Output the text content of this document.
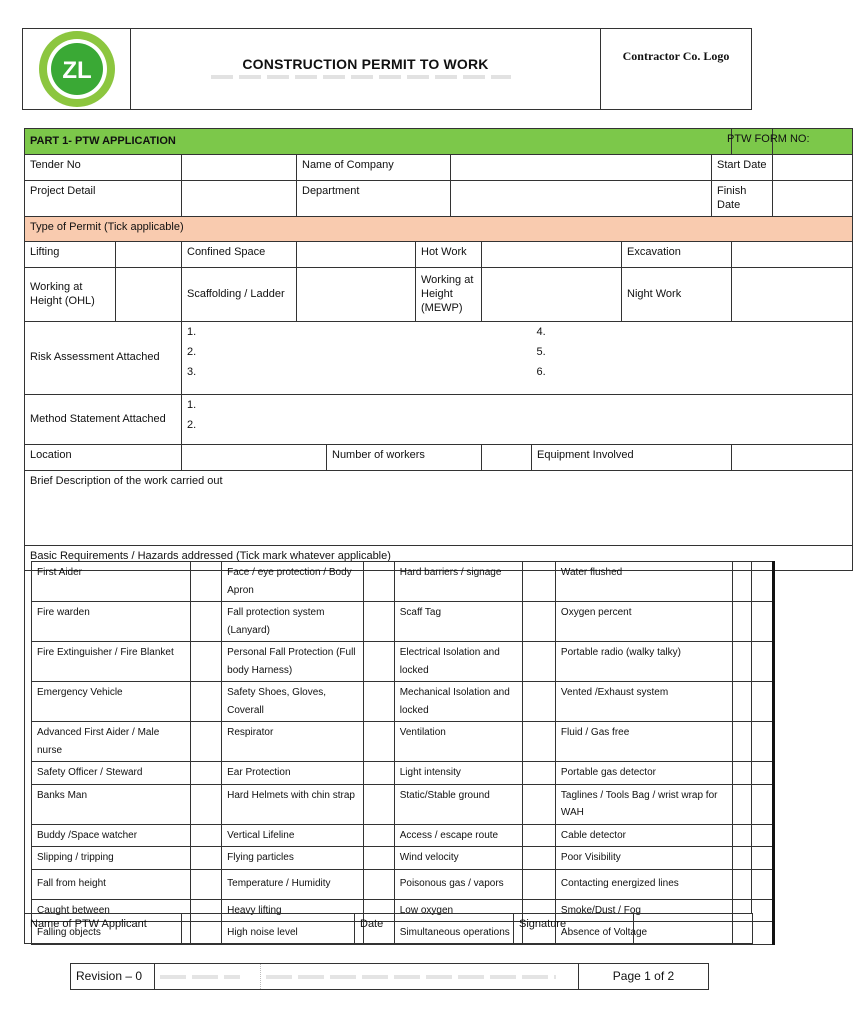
ZL	CONSTRUCTION PERMIT TO WORK	Contractor Co. Logo
PART 1- PTW APPLICATION											PTW FORM NO:	
Tender No			Name of Company							Start Date		
Project Detail			Department							Finish Date		
Type of Permit (Tick applicable)												
Lifting		Confined Space			Hot Work				Excavation			
Working at Height (OHL)		Scaffolding / Ladder			Working at Height (MEWP)				Night Work			
Risk Assessment Attached		1.
2.
3.						4.
5.
6.				

Method Statement Attached		1.
2.										

Location				Number of workers				Equipment Involved				
Brief Description of the work carried out												
Basic Requirements / Hazards addressed (Tick mark whatever applicable)												
First Aider		Face / eye protection / Body Apron		Hard barriers / signage		Water flushed	
Fire warden		Fall protection system (Lanyard)		Scaff Tag		Oxygen percent	
Fire Extinguisher / Fire Blanket		Personal Fall Protection (Full body Harness)		Electrical Isolation and locked		Portable radio (walky talky)	
Emergency Vehicle		Safety Shoes, Gloves, Coverall		Mechanical Isolation and locked		Vented /Exhaust system	
Advanced First Aider / Male nurse		Respirator		Ventilation		Fluid / Gas free	
Safety Officer / Steward		Ear Protection		Light intensity		Portable gas detector	
Banks Man		Hard Helmets with chin strap		Static/Stable ground		Taglines / Tools Bag / wrist wrap for WAH	
Buddy /Space watcher		Vertical Lifeline		Access / escape route		Cable detector	
Slipping / tripping		Flying particles		Wind velocity		Poor Visibility	
Fall from height		Temperature / Humidity		Poisonous gas / vapors		Contacting energized lines	
Caught between		Heavy lifting		Low oxygen		Smoke/Dust / Fog	
Falling objects		High noise level		Simultaneous operations		Absence of Voltage	
Name of PTW Applicant		Date		Signature	
Revision – 0			Page 1 of 2
